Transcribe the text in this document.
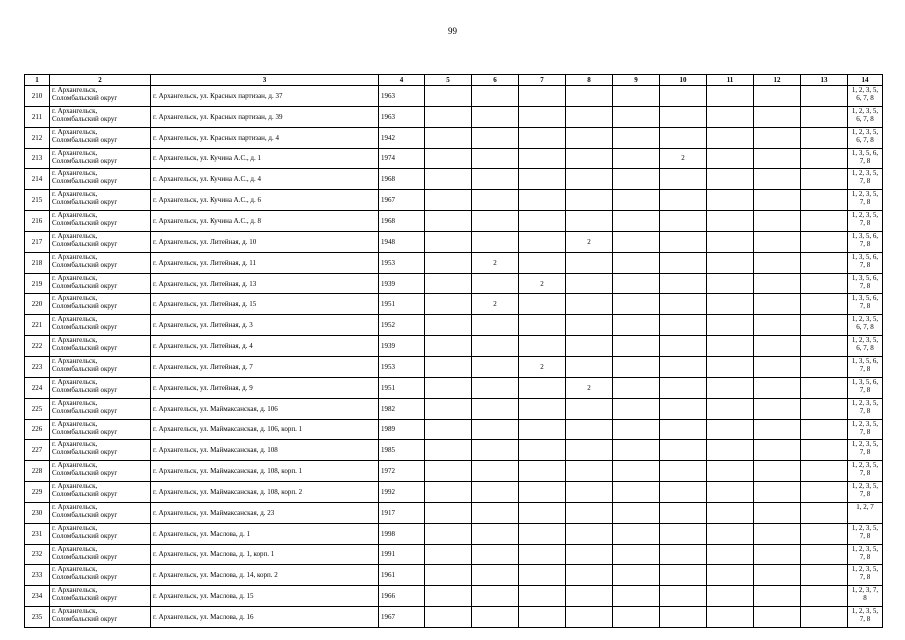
99
1	2	3	4	5	6	7	8	9	10	11	12	13	14
210	г. Архангельск,
Соломбальский округ	г. Архангельск, ул. Красных партизан, д. 37	1963										1, 2, 3, 5, 6, 7, 8
211	г. Архангельск,
Соломбальский округ	г. Архангельск, ул. Красных партизан, д. 39	1963										1, 2, 3, 5, 6, 7, 8
212	г. Архангельск,
Соломбальский округ	г. Архангельск, ул. Красных партизан, д. 4	1942										1, 2, 3, 5, 6, 7, 8
213	г. Архангельск,
Соломбальский округ	г. Архангельск, ул. Кучина А.С., д. 1	1974						2				1, 3, 5, 6, 7, 8
214	г. Архангельск,
Соломбальский округ	г. Архангельск, ул. Кучина А.С., д. 4	1968										1, 2, 3, 5, 7, 8
215	г. Архангельск,
Соломбальский округ	г. Архангельск, ул. Кучина А.С., д. 6	1967										1, 2, 3, 5, 7, 8
216	г. Архангельск,
Соломбальский округ	г. Архангельск, ул. Кучина А.С., д. 8	1968										1, 2, 3, 5, 7, 8
217	г. Архангельск,
Соломбальский округ	г. Архангельск, ул. Литейная, д. 10	1948				2						1, 3, 5, 6, 7, 8
218	г. Архангельск,
Соломбальский округ	г. Архангельск, ул. Литейная, д. 11	1953		2								1, 3, 5, 6, 7, 8
219	г. Архангельск,
Соломбальский округ	г. Архангельск, ул. Литейная, д. 13	1939			2							1, 3, 5, 6, 7, 8
220	г. Архангельск,
Соломбальский округ	г. Архангельск, ул. Литейная, д. 15	1951		2								1, 3, 5, 6, 7, 8
221	г. Архангельск,
Соломбальский округ	г. Архангельск, ул. Литейная, д. 3	1952										1, 2, 3, 5, 6, 7, 8
222	г. Архангельск,
Соломбальский округ	г. Архангельск, ул. Литейная, д. 4	1939										1, 2, 3, 5, 6, 7, 8
223	г. Архангельск,
Соломбальский округ	г. Архангельск, ул. Литейная, д. 7	1953			2							1, 3, 5, 6, 7, 8
224	г. Архангельск,
Соломбальский округ	г. Архангельск, ул. Литейная, д. 9	1951				2						1, 3, 5, 6, 7, 8
225	г. Архангельск,
Соломбальский округ	г. Архангельск, ул. Маймаксанская, д. 106	1982										1, 2, 3, 5, 7, 8
226	г. Архангельск,
Соломбальский округ	г. Архангельск, ул. Маймаксанская, д. 106, корп. 1	1989										1, 2, 3, 5, 7, 8
227	г. Архангельск,
Соломбальский округ	г. Архангельск, ул. Маймаксанская, д. 108	1985										1, 2, 3, 5, 7, 8
228	г. Архангельск,
Соломбальский округ	г. Архангельск, ул. Маймаксанская, д. 108, корп. 1	1972										1, 2, 3, 5, 7, 8
229	г. Архангельск,
Соломбальский округ	г. Архангельск, ул. Маймаксанская, д. 108, корп. 2	1992										1, 2, 3, 5, 7, 8
230	г. Архангельск,
Соломбальский округ	г. Архангельск, ул. Маймаксанская, д. 23	1917										1, 2, 7
231	г. Архангельск,
Соломбальский округ	г. Архангельск, ул. Маслова, д. 1	1998										1, 2, 3, 5, 7, 8
232	г. Архангельск,
Соломбальский округ	г. Архангельск, ул. Маслова, д. 1, корп. 1	1991										1, 2, 3, 5, 7, 8
233	г. Архангельск,
Соломбальский округ	г. Архангельск, ул. Маслова, д. 14, корп. 2	1961										1, 2, 3, 5, 7, 8
234	г. Архангельск,
Соломбальский округ	г. Архангельск, ул. Маслова, д. 15	1966										1, 2, 3, 7, 8
235	г. Архангельск,
Соломбальский округ	г. Архангельск, ул. Маслова, д. 16	1967										1, 2, 3, 5, 7, 8
